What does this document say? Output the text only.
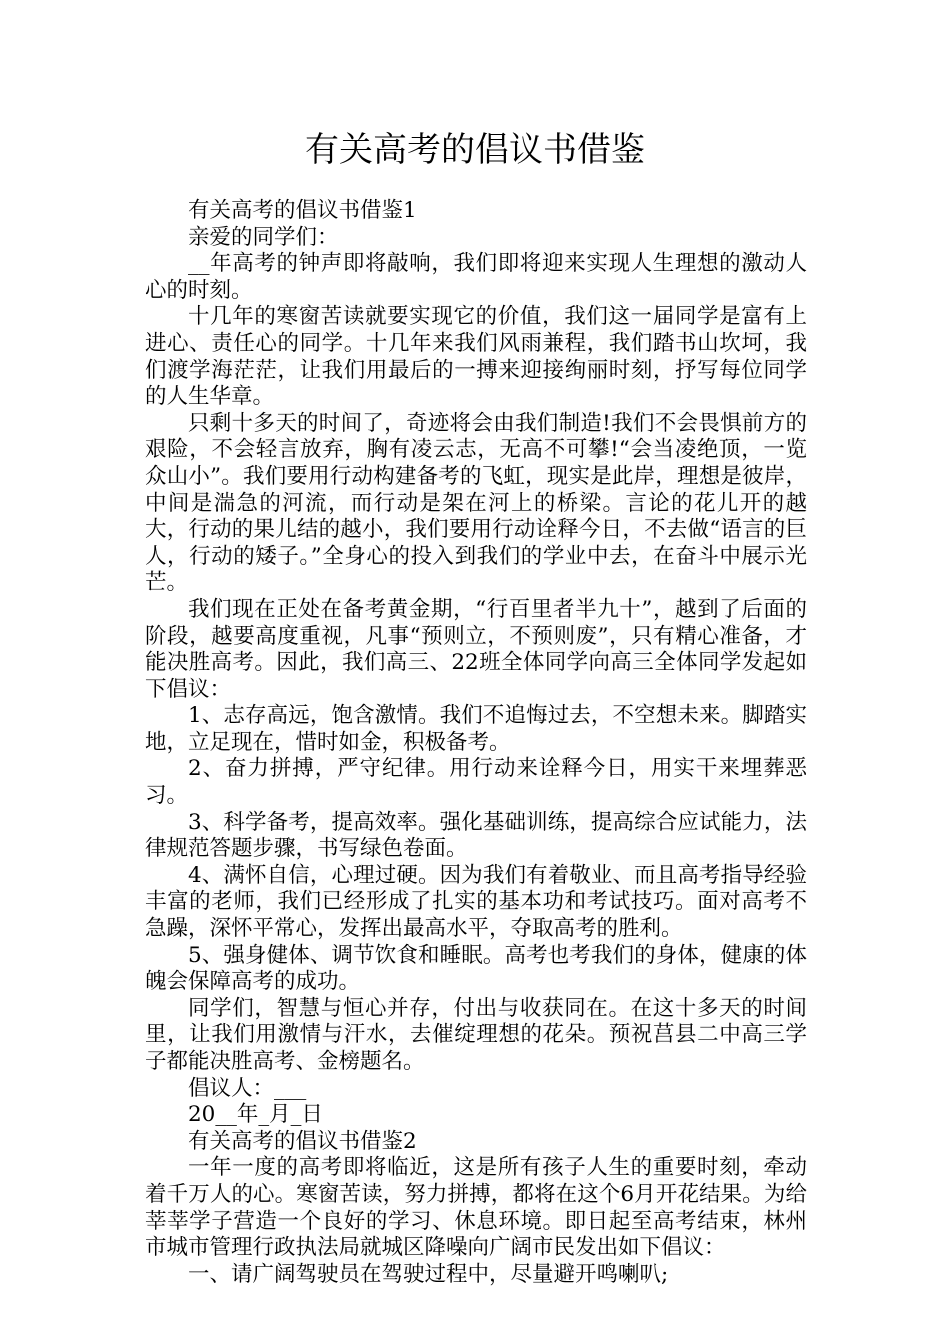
有关高考的倡议书借鉴

有关高考的倡议书借鉴1

亲爱的同学们：

__年高考的钟声即将敲响，我们即将迎来实现人生理想的激动人心的时刻。

十几年的寒窗苦读就要实现它的价值，我们这一届同学是富有上进心、责任心的同学。十几年来我们风雨兼程，我们踏书山坎坷，我们渡学海茫茫，让我们用最后的一搏来迎接绚丽时刻，抒写每位同学的人生华章。

只剩十多天的时间了，奇迹将会由我们制造!我们不会畏惧前方的艰险，不会轻言放弃，胸有凌云志，无高不可攀!“会当凌绝顶，一览众山小”。我们要用行动构建备考的飞虹，现实是此岸，理想是彼岸，中间是湍急的河流，而行动是架在河上的桥梁。言论的花儿开的越大，行动的果儿结的越小，我们要用行动诠释今日，不去做“语言的巨人，行动的矮子。”全身心的投入到我们的学业中去，在奋斗中展示光芒。

我们现在正处在备考黄金期，“行百里者半九十”，越到了后面的阶段，越要高度重视，凡事“预则立，不预则废”，只有精心准备，才能决胜高考。因此，我们高三、22班全体同学向高三全体同学发起如下倡议：

1、志存高远，饱含激情。我们不追悔过去，不空想未来。脚踏实地，立足现在，惜时如金，积极备考。

2、奋力拼搏，严守纪律。用行动来诠释今日，用实干来埋葬恶习。

3、科学备考，提高效率。强化基础训练，提高综合应试能力，法律规范答题步骤，书写绿色卷面。

4、满怀自信，心理过硬。因为我们有着敬业、而且高考指导经验丰富的老师，我们已经形成了扎实的基本功和考试技巧。面对高考不急躁，深怀平常心，发挥出最高水平，夺取高考的胜利。

5、强身健体、调节饮食和睡眠。高考也考我们的身体，健康的体魄会保障高考的成功。

同学们，智慧与恒心并存，付出与收获同在。在这十多天的时间里，让我们用激情与汗水，去催绽理想的花朵。预祝莒县二中高三学子都能决胜高考、金榜题名。

倡议人：___

20__年_月_日

有关高考的倡议书借鉴2

一年一度的高考即将临近，这是所有孩子人生的重要时刻，牵动着千万人的心。寒窗苦读，努力拼搏，都将在这个6月开花结果。为给莘莘学子营造一个良好的学习、休息环境。即日起至高考结束，林州市城市管理行政执法局就城区降噪向广阔市民发出如下倡议：

一、请广阔驾驶员在驾驶过程中，尽量避开鸣喇叭;
